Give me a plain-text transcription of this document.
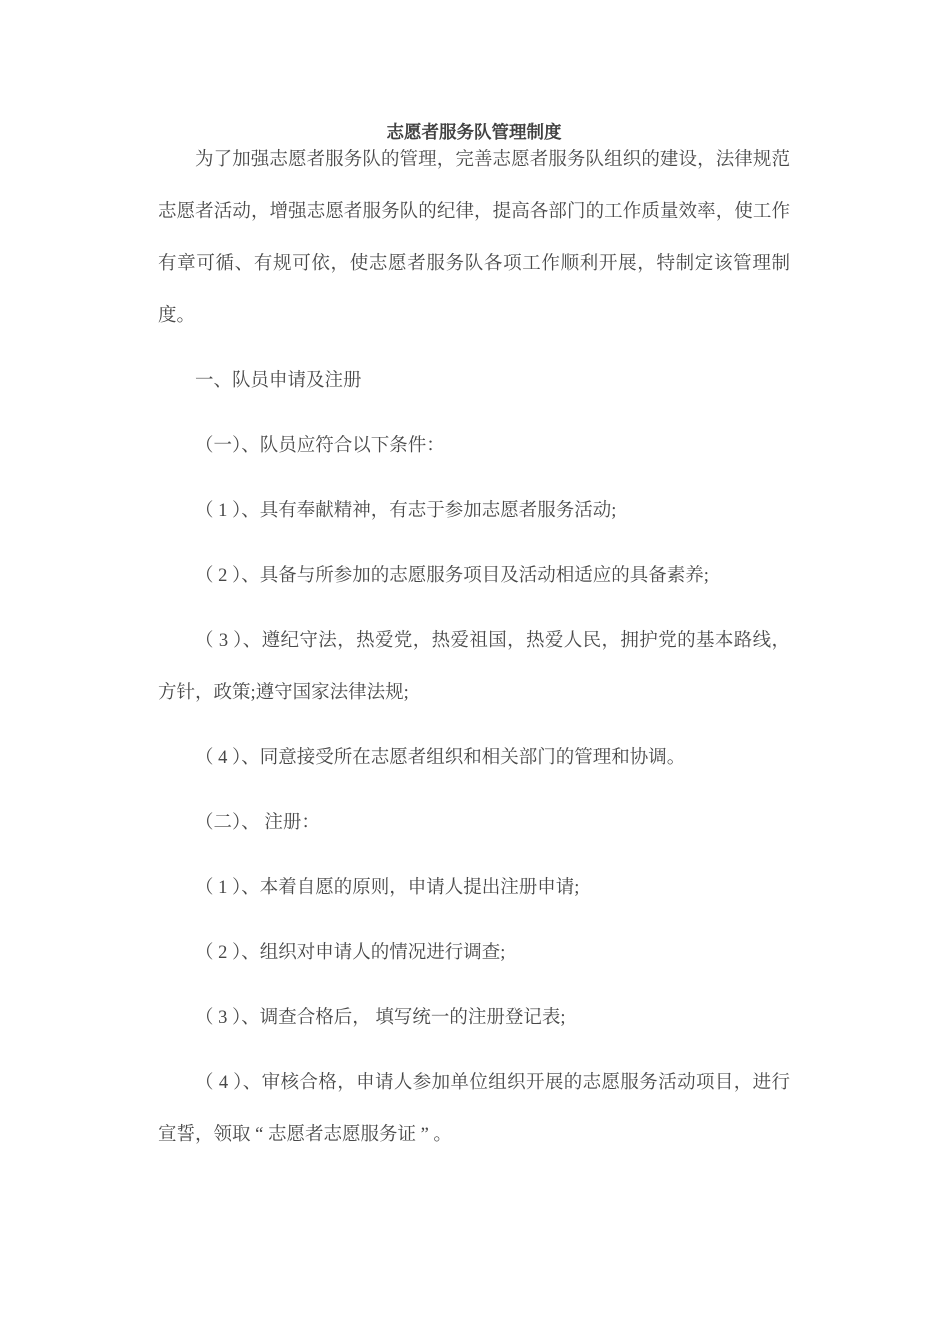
志愿者服务队管理制度

为了加强志愿者服务队的管理，完善志愿者服务队组织的建设，法律规范志愿者活动，增强志愿者服务队的纪律，提高各部门的工作质量效率，使工作有章可循、有规可依，使志愿者服务队各项工作顺利开展，特制定该管理制度。

一、队员申请及注册

（一）、队员应符合以下条件：

（ 1 ）、具有奉献精神，有志于参加志愿者服务活动;

（ 2 ）、具备与所参加的志愿服务项目及活动相适应的具备素养;

（ 3 ）、遵纪守法，热爱党，热爱祖国，热爱人民，拥护党的基本路线，方针，政策;遵守国家法律法规;

（ 4 ）、同意接受所在志愿者组织和相关部门的管理和协调。

（二）、 注册：

（ 1 ）、本着自愿的原则，申请人提出注册申请;

（ 2 ）、组织对申请人的情况进行调查;

（ 3 ）、调查合格后， 填写统一的注册登记表;

（ 4 ）、审核合格，申请人参加单位组织开展的志愿服务活动项目，进行宣誓，领取 “ 志愿者志愿服务证 ” 。
